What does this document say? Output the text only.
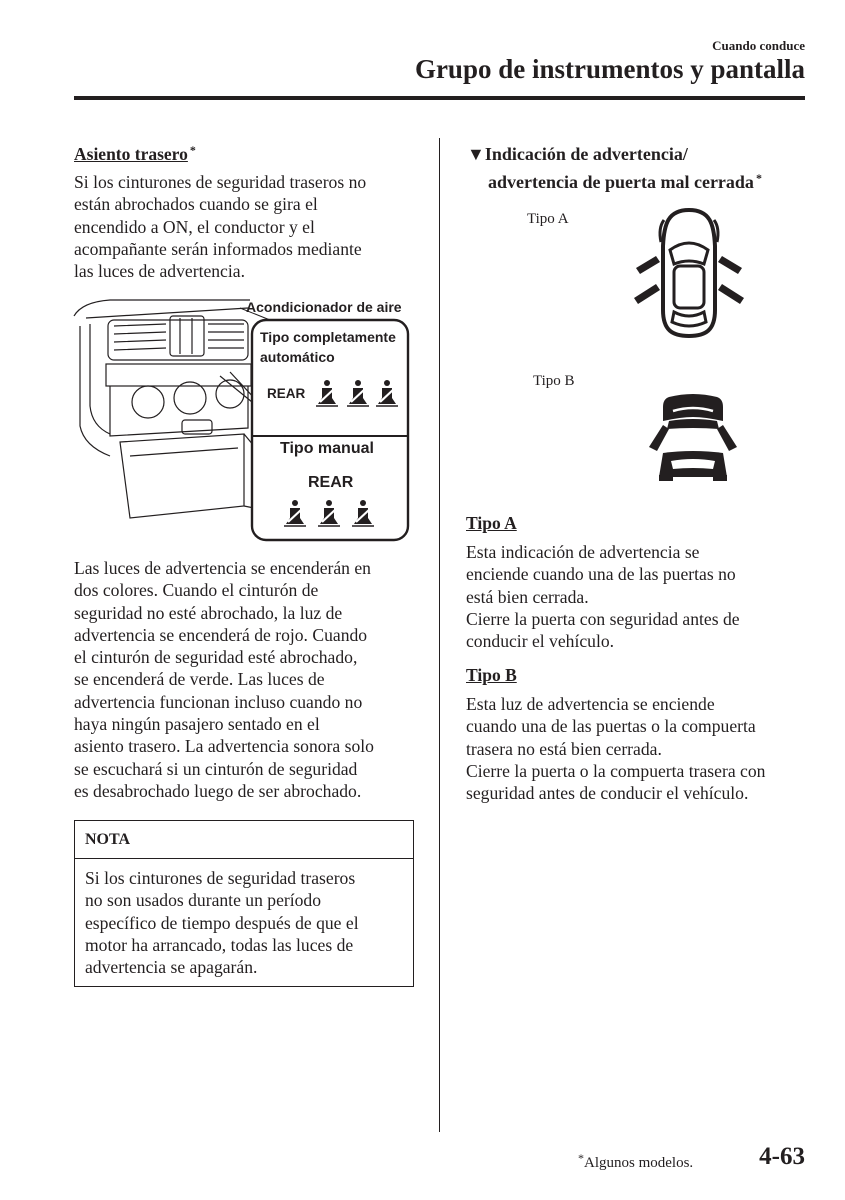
Cuando conduce
Grupo de instrumentos y pantalla
Asiento trasero *
Si los cinturones de seguridad traseros no
están abrochados cuando se gira el
encendido a ON, el conductor y el
acompañante serán informados mediante
las luces de advertencia.
Acondicionador de aire
Tipo completamente
automático
REAR
Tipo manual
REAR
Las luces de advertencia se encenderán en
dos colores. Cuando el cinturón de
seguridad no esté abrochado, la luz de
advertencia se encenderá de rojo. Cuando
el cinturón de seguridad esté abrochado,
se encenderá de verde. Las luces de
advertencia funcionan incluso cuando no
haya ningún pasajero sentado en el
asiento trasero. La advertencia sonora solo
se escuchará si un cinturón de seguridad
es desabrochado luego de ser abrochado.
NOTA
Si los cinturones de seguridad traseros
no son usados durante un período
específico de tiempo después de que el
motor ha arrancado, todas las luces de
advertencia se apagarán.
▼Indicación de advertencia/
advertencia de puerta mal cerrada *
Tipo A
Tipo B
Tipo A
Esta indicación de advertencia se
enciende cuando una de las puertas no
está bien cerrada.
Cierre la puerta con seguridad antes de
conducir el vehículo.
Tipo B
Esta luz de advertencia se enciende
cuando una de las puertas o la compuerta
trasera no está bien cerrada.
Cierre la puerta o la compuerta trasera con
seguridad antes de conducir el vehículo.
*Algunos modelos.	4-63
